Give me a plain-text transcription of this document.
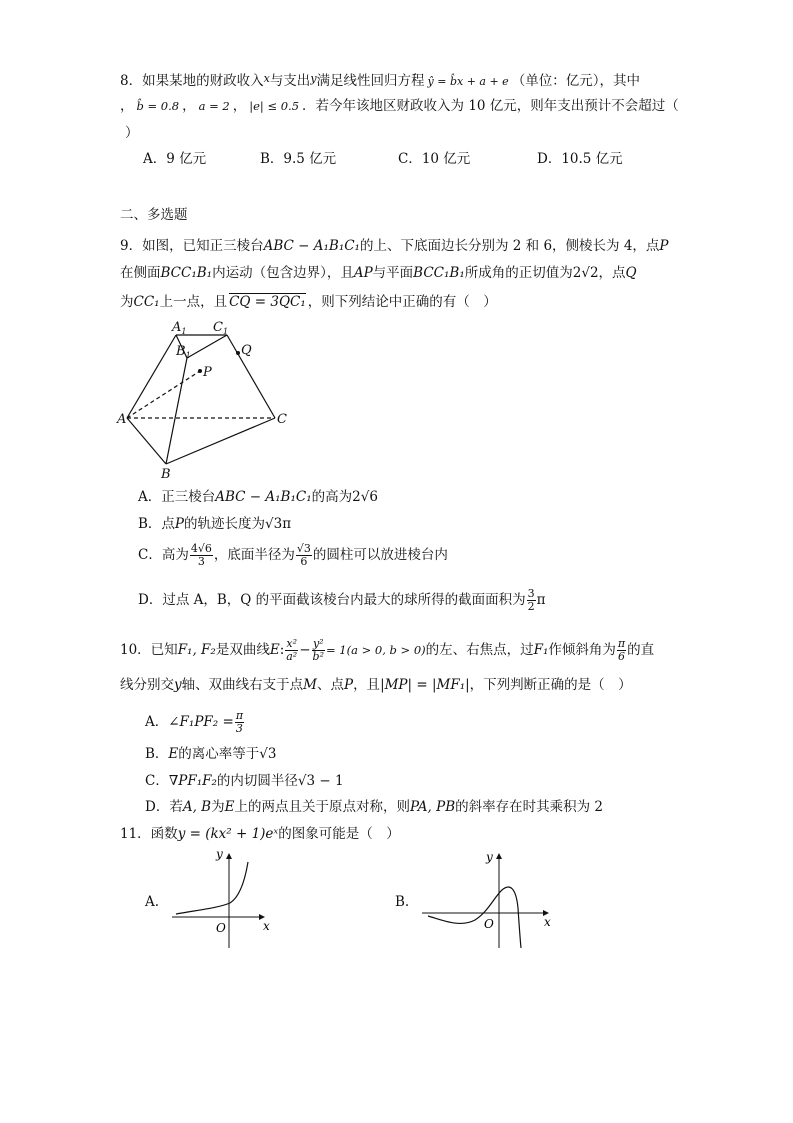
8．如果某地的财政收入$^x$与支出$^y$满足线性回归方程 ŷ = b̂x + a + e （单位：亿元），其中
， b̂ = 0.8 ， a = 2 ， |e| ≤ 0.5 ．若今年该地区财政收入为 10 亿元，则年支出预计不会超过（
）
A．9 亿元	B．9.5 亿元	C．10 亿元	D．10.5 亿元
二、多选题
9．如图，已知正三棱台ABC − A₁B₁C₁的上、下底面边长分别为 2 和 6，侧棱长为 4，点P
在侧面BCC₁B₁内运动（包含边界），且AP与平面BCC₁B₁所成角的正切值为2√2，点Q
为CC₁上一点，且 CQ = 3QC₁ ，则下列结论中正确的有（　）
$A_1$
$B_1$
$C_1$
Q
P
A
B
C
A．正三棱台ABC − A₁B₁C₁的高为2√6
B．点P的轨迹长度为√3π
C．高为 $\frac{4√6}{3}$ ，底面半径为 $\frac{√3}{6}$ 的圆柱可以放进棱台内
D．过点 A，B，Q 的平面截该棱台内最大的球所得的截面面积为 $\frac{3}{2}$ π
10．已知F₁, F₂是双曲线E: $\frac{\text{x²}}{\text{a²}} - \frac{\text{y²}}{\text{b²}} = 1(a > 0$, b > 0)的左、右焦点，过F₁作倾斜角为 $\frac{\pi}{6}$ 的直
线分别交y轴、双曲线右支于点M、点P，且|MP| = |MF₁|，下列判断正确的是（　）
A．∠F₁PF₂ = $\frac{\pi}{3}$
B．E的离心率等于√3
C．∇PF₁F₂的内切圆半径√3 − 1
D．若A, B为E上的两点且关于原点对称，则PA, PB的斜率存在时其乘积为 2
11．函数y = (kx² + 1)eˣ的图象可能是（　）
A.
y
x
O
B.
y
x
O
